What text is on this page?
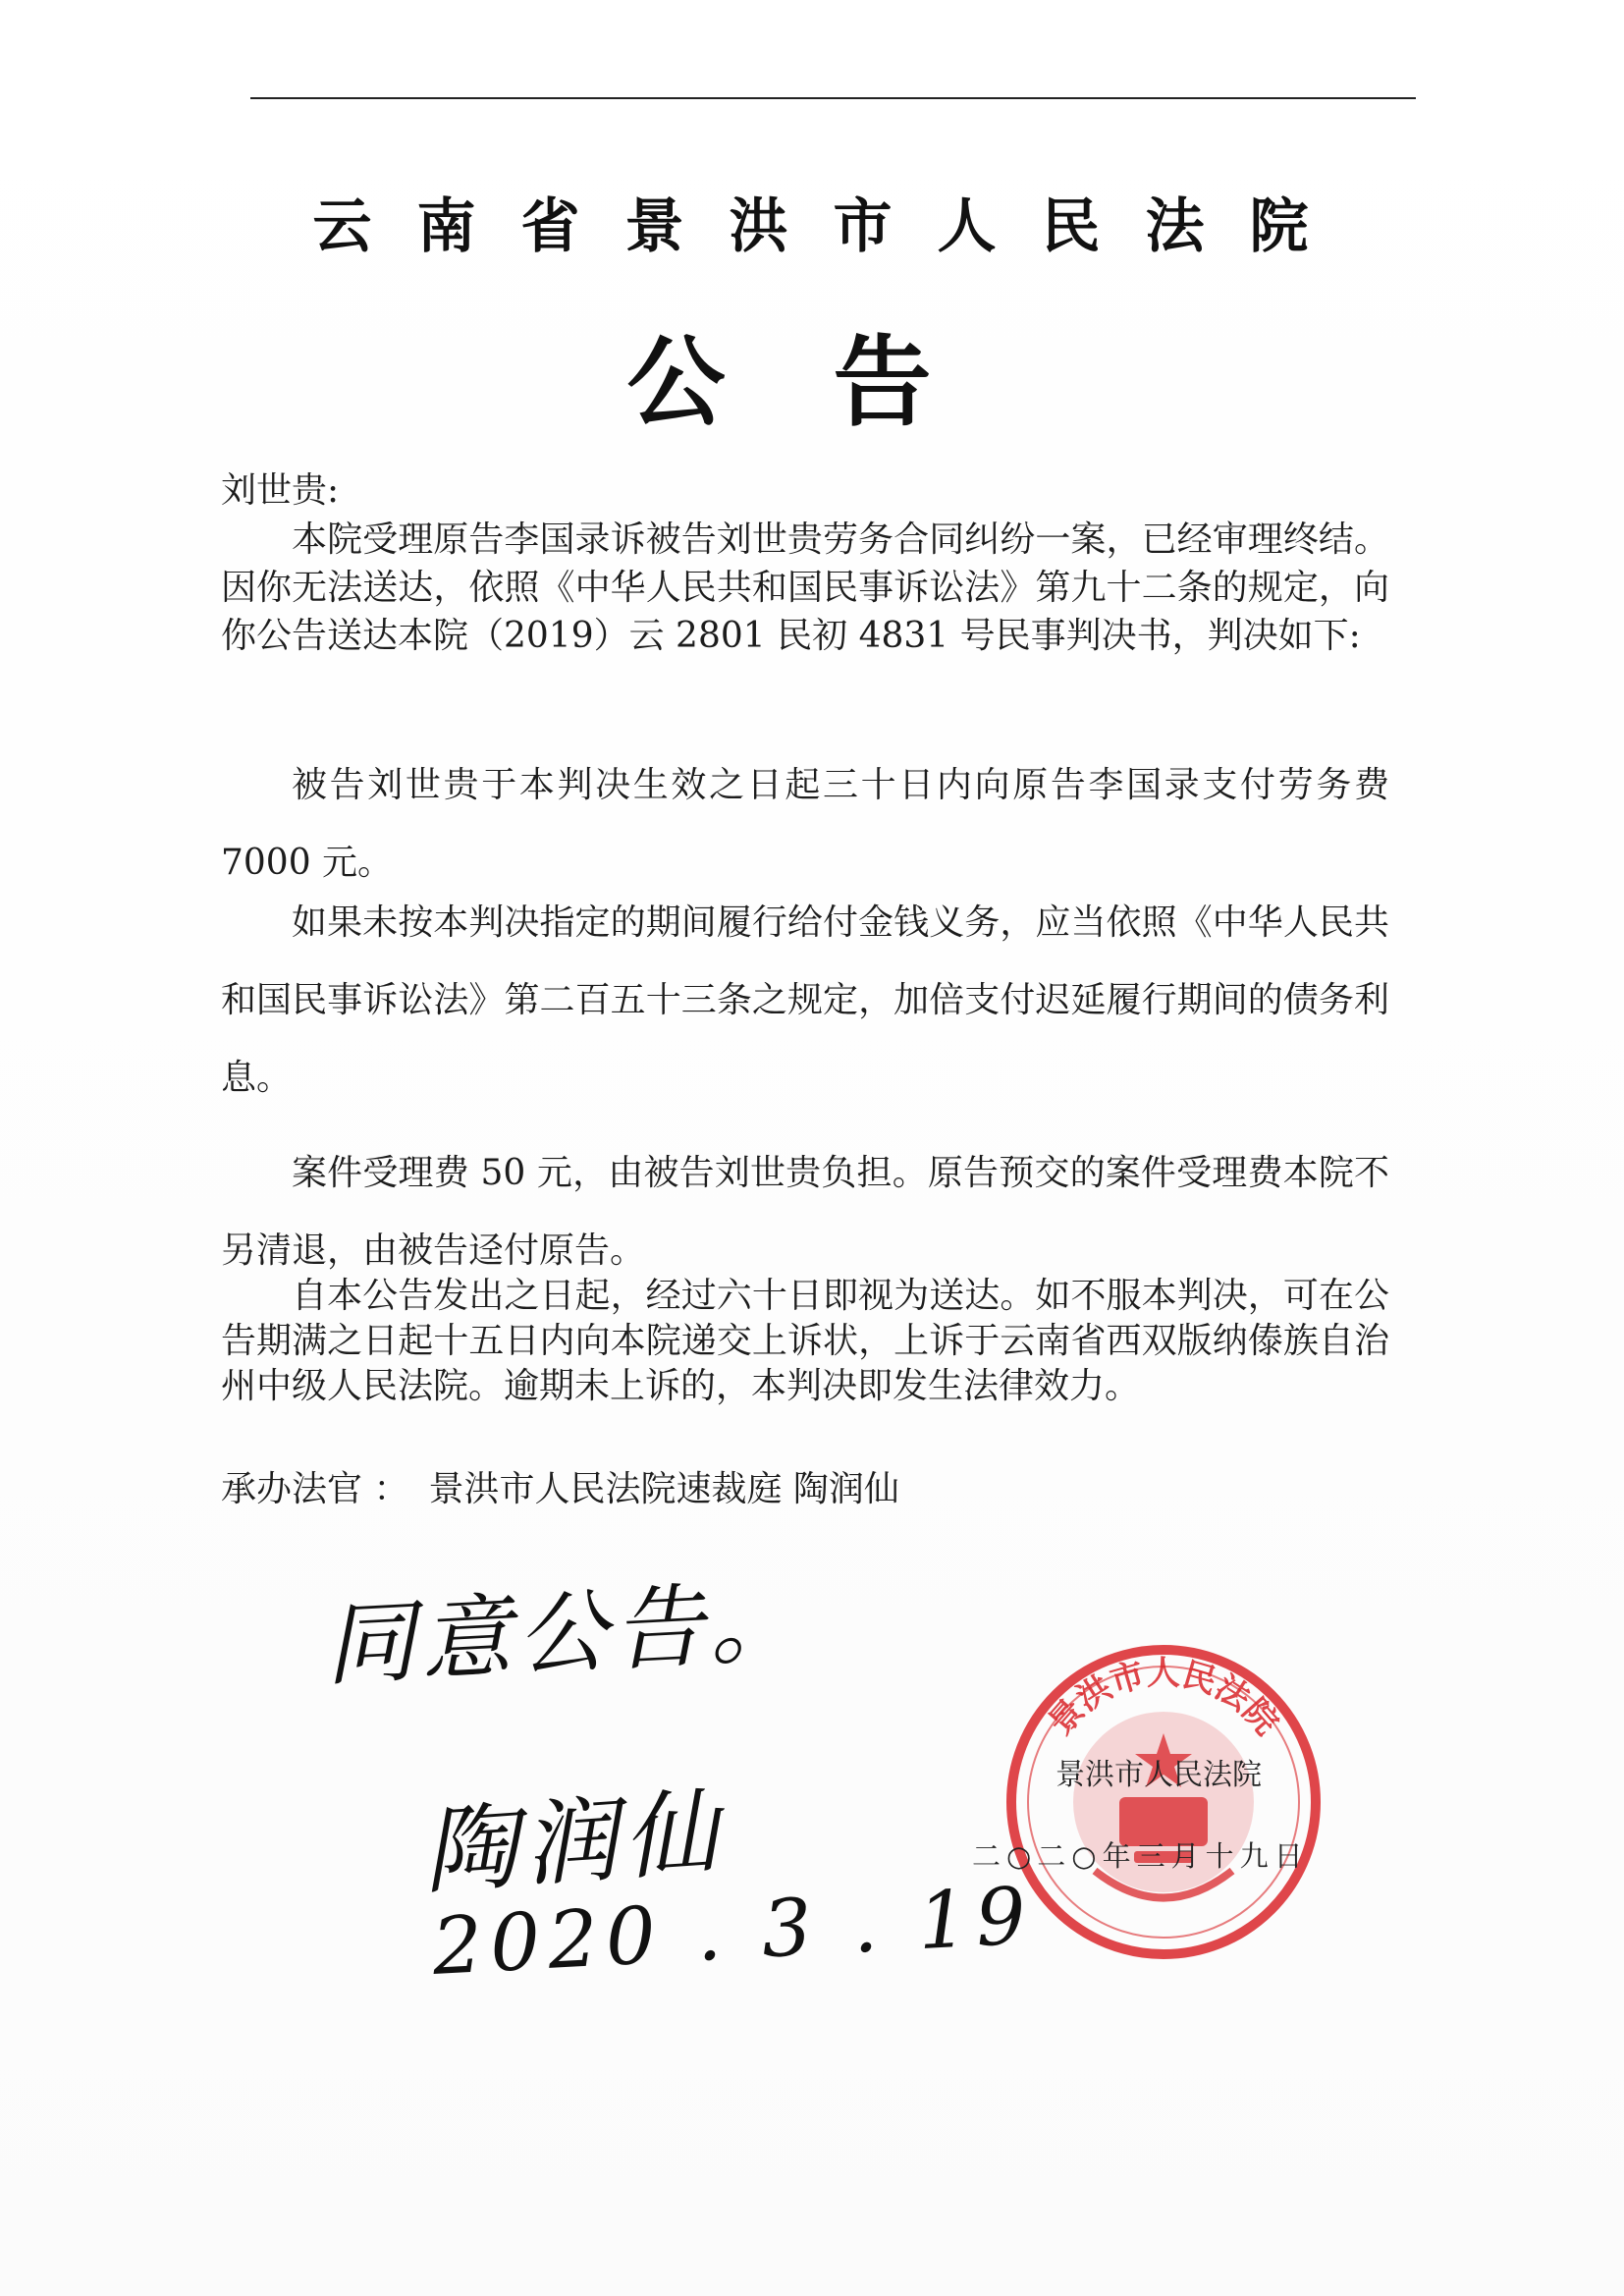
云南省景洪市人民法院
公告
刘世贵:
本院受理原告李国录诉被告刘世贵劳务合同纠纷一案，已经审理终结。因你无法送达，依照《中华人民共和国民事诉讼法》第九十二条的规定，向你公告送达本院（2019）云 2801 民初 4831 号民事判决书，判决如下:
被告刘世贵于本判决生效之日起三十日内向原告李国录支付劳务费 7000 元。
如果未按本判决指定的期间履行给付金钱义务，应当依照《中华人民共和国民事诉讼法》第二百五十三条之规定，加倍支付迟延履行期间的债务利息。
案件受理费 50 元，由被告刘世贵负担。原告预交的案件受理费本院不另清退，由被告迳付原告。
自本公告发出之日起，经过六十日即视为送达。如不服本判决，可在公告期满之日起十五日内向本院递交上诉状，上诉于云南省西双版纳傣族自治州中级人民法院。逾期未上诉的，本判决即发生法律效力。
承办法官 ： 景洪市人民法院速裁庭 陶润仙
同意公告。
陶润仙
2020 . 3 . 19
景洪市人民法院
景洪市人民法院
二○二○年三月十九日
